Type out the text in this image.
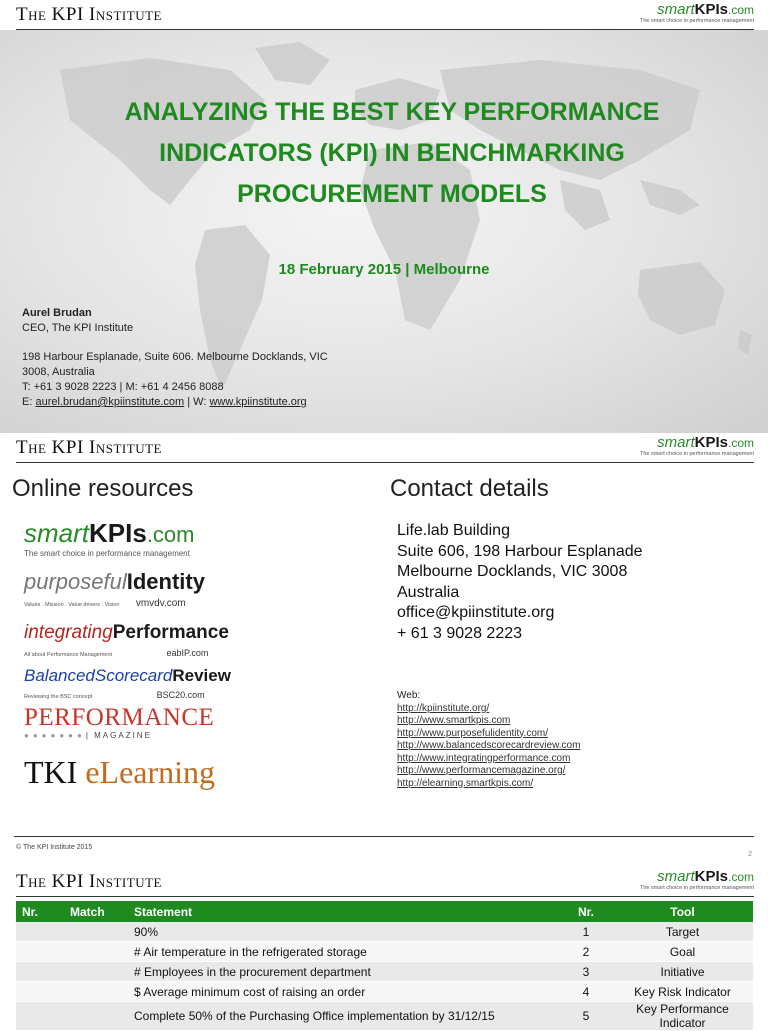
The KPI Institute	smartKPIs.com
The smart choice in performance management
ANALYZING THE BEST KEY PERFORMANCE INDICATORS (KPI) IN BENCHMARKING PROCUREMENT MODELS
18 February 2015 | Melbourne
Aurel Brudan
CEO, The KPI Institute
198 Harbour Esplanade, Suite 606. Melbourne Docklands, VIC
3008, Australia
T: +61 3 9028 2223 | M: +61 4 2456 8088
E: aurel.brudan@kpiinstitute.com | W: www.kpiinstitute.org
The KPI Institute	smartKPIs.com
The smart choice in performance management
Online resources	Contact details
smartKPIs.com
The smart choice in performance management
purposefulIdentity
Values . Mission . Value drivers . Vision vmvdv.com
integratingPerformance
All about Performance Management	eabIP.com
BalancedScorecardReview
Reviewing the BSC concept	BSC20.com
PERFORMANCE
●●●●●●●| MAGAZINE
TKI eLearning
Life.lab Building
Suite 606, 198 Harbour Esplanade
Melbourne Docklands, VIC 3008
Australia
office@kpiinstitute.org
+ 61 3 9028 2223
Web:
http://kpiinstitute.org/
http://www.smartkpis.com
http://www.purposefulidentity.com/
http://www.balancedscorecardreview.com
http://www.integratingperformance.com
http://www.performancemagazine.org/
http://elearning.smartkpis.com/
© The KPI Institute 2015
2
The KPI Institute	smartKPIs.com
The smart choice in performance management
Nr.	Match	Statement	Nr.	Tool
		90%	1	Target
		# Air temperature in the refrigerated storage	2	Goal
		# Employees in the procurement department	3	Initiative
		$ Average minimum cost of raising an order	4	Key Risk Indicator
		Complete 50% of the Purchasing Office implementation by 31/12/15	5	Key Performance Indicator
